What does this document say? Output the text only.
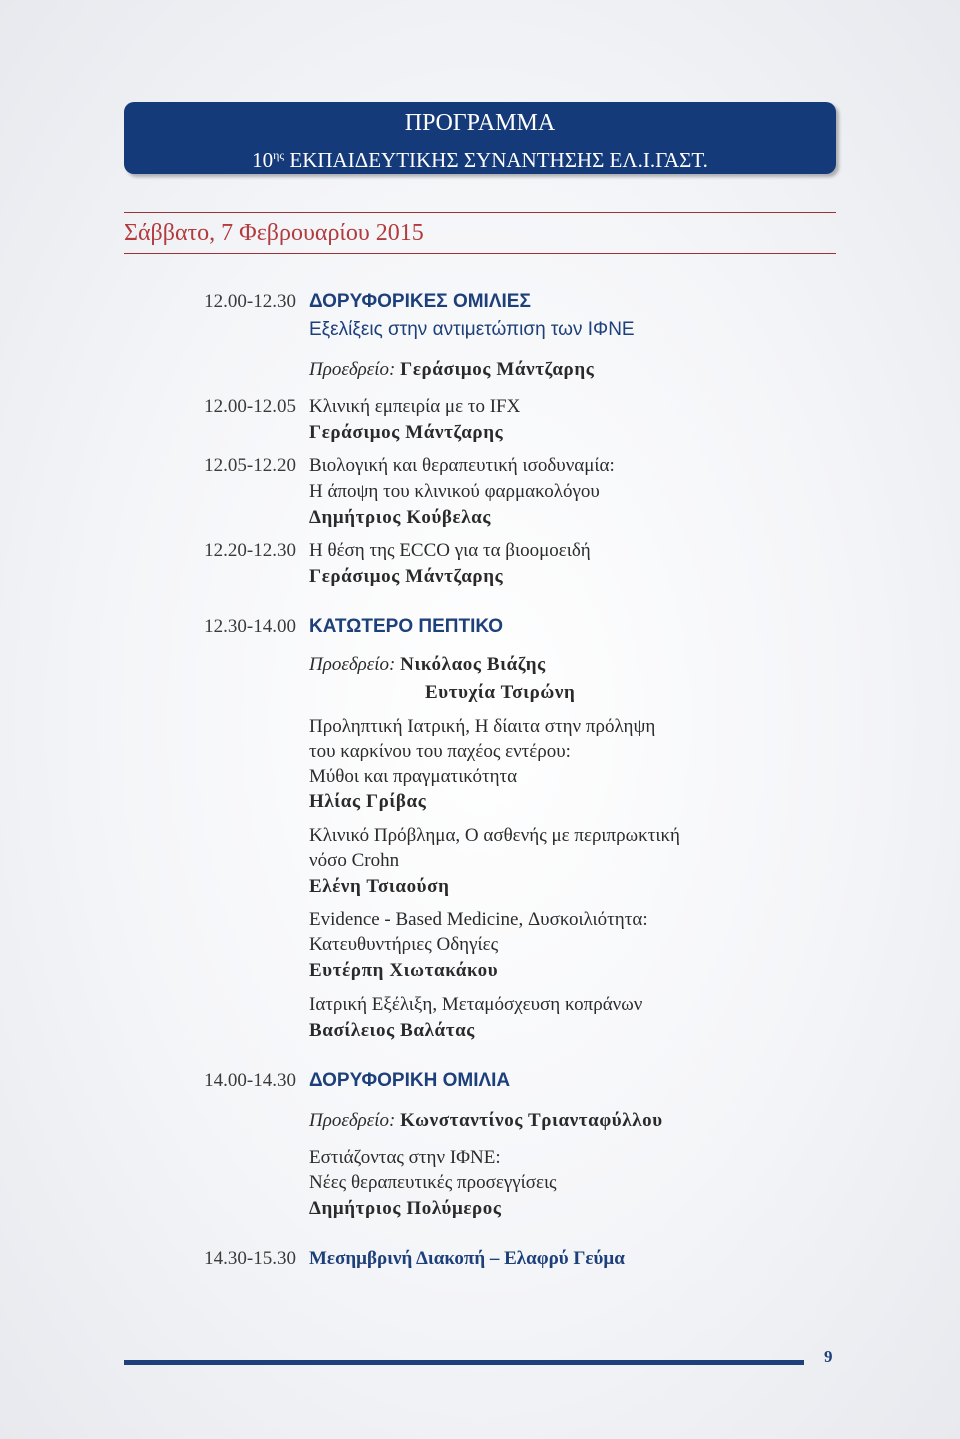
ΠΡΟΓΡΑΜΜΑ
$10^{\eta\varsigma}$ ΕΚΠΑΙΔΕΥΤΙΚΗΣ ΣΥΝΑΝΤΗΣΗΣ ΕΛ.Ι.ΓΑΣΤ.
Σάββατο, 7 Φεβρουαρίου 2015
12.00-12.30 ΔΟΡΥΦΟΡΙΚΕΣ ΟΜΙΛΙΕΣ
Εξελίξεις στην αντιμετώπιση των ΙΦΝΕ
Προεδρείο: Γεράσιμος Μάντζαρης
12.00-12.05 Κλινική εμπειρία με το IFX
Γεράσιμος Μάντζαρης
12.05-12.20 Βιολογική και θεραπευτική ισοδυναμία:
Η άποψη του κλινικού φαρμακολόγου
Δημήτριος Κούβελας
12.20-12.30 Η θέση της ECCO για τα βιοομοειδή
Γεράσιμος Μάντζαρης
12.30-14.00 ΚΑΤΩΤΕΡΟ ΠΕΠΤΙΚΟ
Προεδρείο: Νικόλαος Βιάζης
Ευτυχία Τσιρώνη
Προληπτική Ιατρική, Η δίαιτα στην πρόληψη
του καρκίνου του παχέος εντέρου:
Μύθοι και πραγματικότητα
Ηλίας Γρίβας
Κλινικό Πρόβλημα, Ο ασθενής με περιπρωκτική
νόσο Crohn
Ελένη Τσιαούση
Evidence - Based Medicine, Δυσκοιλιότητα:
Κατευθυντήριες Οδηγίες
Ευτέρπη Χιωτακάκου
Ιατρική Εξέλιξη, Μεταμόσχευση κοπράνων
Βασίλειος Βαλάτας
14.00-14.30 ΔΟΡΥΦΟΡΙΚΗ ΟΜΙΛΙΑ
Προεδρείο: Κωνσταντίνος Τριανταφύλλου
Εστιάζοντας στην ΙΦΝΕ:
Νέες θεραπευτικές προσεγγίσεις
Δημήτριος Πολύμερος
14.30-15.30 Μεσημβρινή Διακοπή – Ελαφρύ Γεύμα
9
